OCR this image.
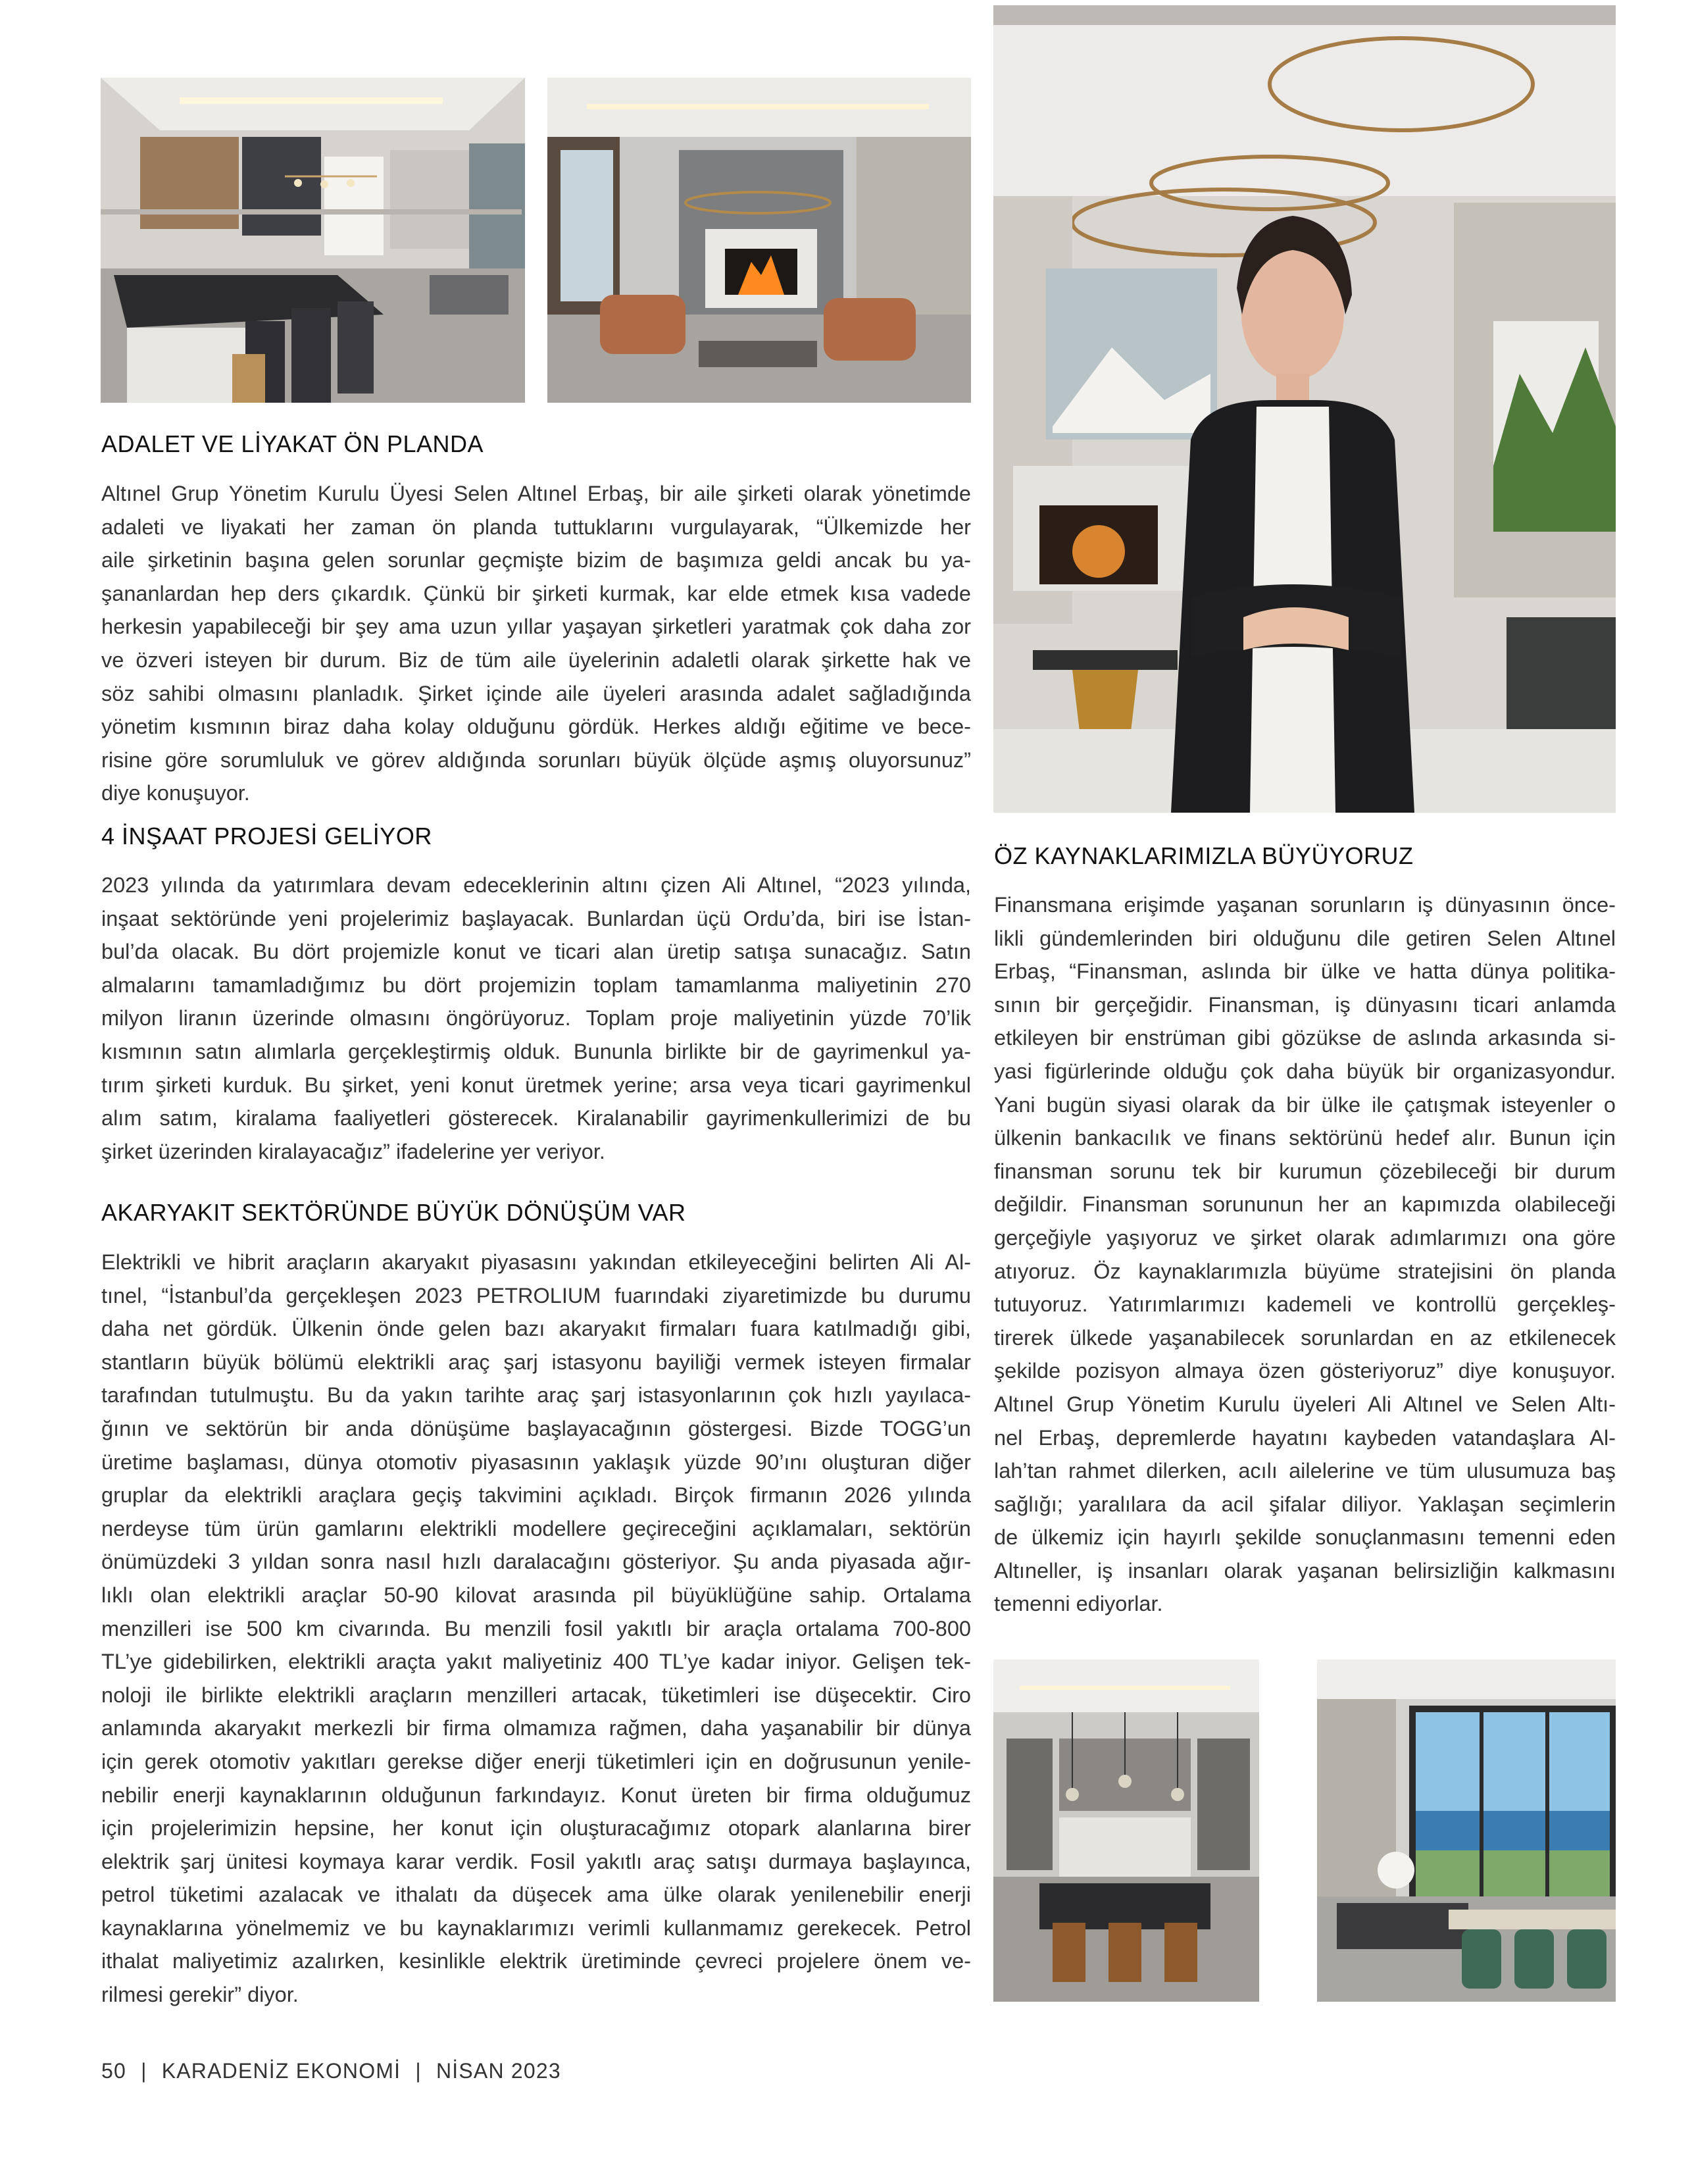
ADALET VE LİYAKAT ÖN PLANDA
Altınel Grup Yönetim Kurulu Üyesi Selen Altınel Erbaş, bir aile şirketi olarak yönetimde
adaleti ve liyakati her zaman ön planda tuttuklarını vurgulayarak, “Ülkemizde her
aile şirketinin başına gelen sorunlar geçmişte bizim de başımıza geldi ancak bu ya-
şananlardan hep ders çıkardık. Çünkü bir şirketi kurmak, kar elde etmek kısa vadede
herkesin yapabileceği bir şey ama uzun yıllar yaşayan şirketleri yaratmak çok daha zor
ve özveri isteyen bir durum. Biz de tüm aile üyelerinin adaletli olarak şirkette hak ve
söz sahibi olmasını planladık. Şirket içinde aile üyeleri arasında adalet sağladığında
yönetim kısmının biraz daha kolay olduğunu gördük. Herkes aldığı eğitime ve bece-
risine göre sorumluluk ve görev aldığında sorunları büyük ölçüde aşmış oluyorsunuz”
diye konuşuyor.
4 İNŞAAT PROJESİ GELİYOR
2023 yılında da yatırımlara devam edeceklerinin altını çizen Ali Altınel, “2023 yılında,
inşaat sektöründe yeni projelerimiz başlayacak. Bunlardan üçü Ordu’da, biri ise İstan-
bul’da olacak. Bu dört projemizle konut ve ticari alan üretip satışa sunacağız. Satın
almalarını tamamladığımız bu dört projemizin toplam tamamlanma maliyetinin 270
milyon liranın üzerinde olmasını öngörüyoruz. Toplam proje maliyetinin yüzde 70’lik
kısmının satın alımlarla gerçekleştirmiş olduk. Bununla birlikte bir de gayrimenkul ya-
tırım şirketi kurduk. Bu şirket, yeni konut üretmek yerine; arsa veya ticari gayrimenkul
alım satım, kiralama faaliyetleri gösterecek. Kiralanabilir gayrimenkullerimizi de bu
şirket üzerinden kiralayacağız” ifadelerine yer veriyor.
AKARYAKIT SEKTÖRÜNDE BÜYÜK DÖNÜŞÜM VAR
Elektrikli ve hibrit araçların akaryakıt piyasasını yakından etkileyeceğini belirten Ali Al-
tınel, “İstanbul’da gerçekleşen 2023 PETROLIUM fuarındaki ziyaretimizde bu durumu
daha net gördük. Ülkenin önde gelen bazı akaryakıt firmaları fuara katılmadığı gibi,
stantların büyük bölümü elektrikli araç şarj istasyonu bayiliği vermek isteyen firmalar
tarafından tutulmuştu. Bu da yakın tarihte araç şarj istasyonlarının çok hızlı yayılaca-
ğının ve sektörün bir anda dönüşüme başlayacağının göstergesi. Bizde TOGG’un
üretime başlaması, dünya otomotiv piyasasının yaklaşık yüzde 90’ını oluşturan diğer
gruplar da elektrikli araçlara geçiş takvimini açıkladı. Birçok firmanın 2026 yılında
nerdeyse tüm ürün gamlarını elektrikli modellere geçireceğini açıklamaları, sektörün
önümüzdeki 3 yıldan sonra nasıl hızlı daralacağını gösteriyor. Şu anda piyasada ağır-
lıklı olan elektrikli araçlar 50-90 kilovat arasında pil büyüklüğüne sahip. Ortalama
menzilleri ise 500 km civarında. Bu menzili fosil yakıtlı bir araçla ortalama 700-800
TL’ye gidebilirken, elektrikli araçta yakıt maliyetiniz 400 TL’ye kadar iniyor. Gelişen tek-
noloji ile birlikte elektrikli araçların menzilleri artacak, tüketimleri ise düşecektir. Ciro
anlamında akaryakıt merkezli bir firma olmamıza rağmen, daha yaşanabilir bir dünya
için gerek otomotiv yakıtları gerekse diğer enerji tüketimleri için en doğrusunun yenile-
nebilir enerji kaynaklarının olduğunun farkındayız. Konut üreten bir firma olduğumuz
için projelerimizin hepsine, her konut için oluşturacağımız otopark alanlarına birer
elektrik şarj ünitesi koymaya karar verdik. Fosil yakıtlı araç satışı durmaya başlayınca,
petrol tüketimi azalacak ve ithalatı da düşecek ama ülke olarak yenilenebilir enerji
kaynaklarına yönelmemiz ve bu kaynaklarımızı verimli kullanmamız gerekecek. Petrol
ithalat maliyetimiz azalırken, kesinlikle elektrik üretiminde çevreci projelere önem ve-
rilmesi gerekir” diyor.
ÖZ KAYNAKLARIMIZLA BÜYÜYORUZ
Finansmana erişimde yaşanan sorunların iş dünyasının önce-
likli gündemlerinden biri olduğunu dile getiren Selen Altınel
Erbaş, “Finansman, aslında bir ülke ve hatta dünya politika-
sının bir gerçeğidir. Finansman, iş dünyasını ticari anlamda
etkileyen bir enstrüman gibi gözükse de aslında arkasında si-
yasi figürlerinde olduğu çok daha büyük bir organizasyondur.
Yani bugün siyasi olarak da bir ülke ile çatışmak isteyenler o
ülkenin bankacılık ve finans sektörünü hedef alır. Bunun için
finansman sorunu tek bir kurumun çözebileceği bir durum
değildir. Finansman sorununun her an kapımızda olabileceği
gerçeğiyle yaşıyoruz ve şirket olarak adımlarımızı ona göre
atıyoruz. Öz kaynaklarımızla büyüme stratejisini ön planda
tutuyoruz. Yatırımlarımızı kademeli ve kontrollü gerçekleş-
tirerek ülkede yaşanabilecek sorunlardan en az etkilenecek
şekilde pozisyon almaya özen gösteriyoruz” diye konuşuyor.
Altınel Grup Yönetim Kurulu üyeleri Ali Altınel ve Selen Altı-
nel Erbaş, depremlerde hayatını kaybeden vatandaşlara Al-
lah’tan rahmet dilerken, acılı ailelerine ve tüm ulusumuza baş
sağlığı; yaralılara da acil şifalar diliyor. Yaklaşan seçimlerin
de ülkemiz için hayırlı şekilde sonuçlanmasını temenni eden
Altıneller, iş insanları olarak yaşanan belirsizliğin kalkmasını
temenni ediyorlar.
50 | KARADENİZ EKONOMİ | NİSAN 2023
